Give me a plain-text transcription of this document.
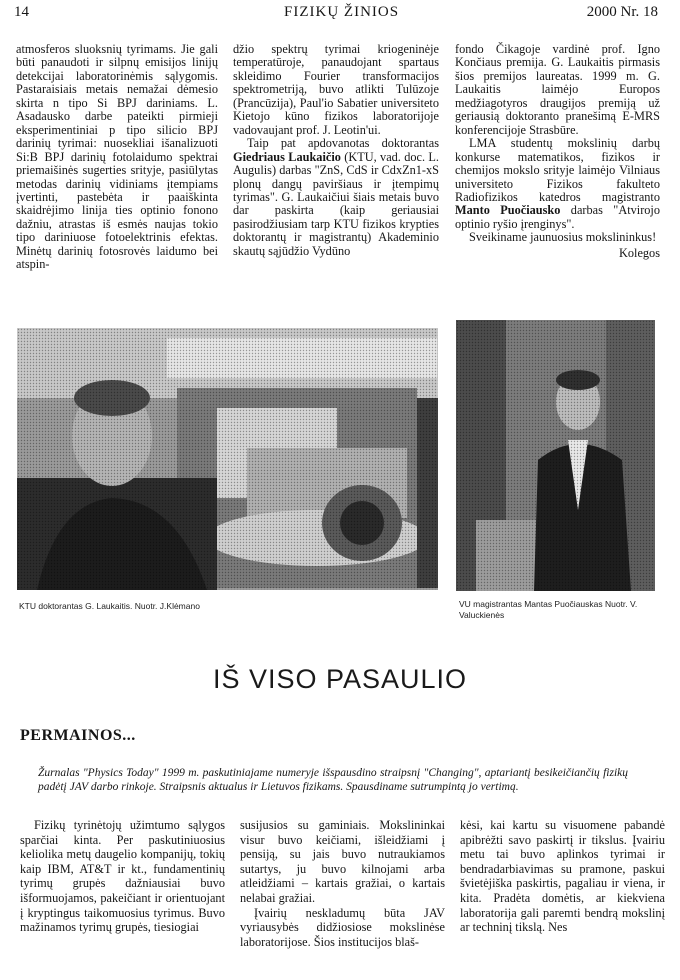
14	FIZIKŲ ŽINIOS	2000 Nr. 18

atmosferos sluoksnių tyrimams. Jie gali būti panaudoti ir silpnų emisijos linijų detekcijai laboratorinėmis sąlygomis. Pastaraisiais metais nemažai dėmesio skirta n tipo Si BPJ dariniams. L. Asadausko darbe pateikti pirmieji eksperimentiniai p tipo silicio BPJ darinių tyrimai: nuosekliai išanalizuoti Si:B BPJ darinių fotolaidumo spektrai priemaišinės sugerties srityje, pasiūlytas metodas darinių vidiniams įtempiams įvertinti, pastebėta ir paaiškinta skaidrėjimo linija ties optinio fonono dažniu, atrastas iš esmės naujas tokio tipo dariniuose fotoelektrinis efektas. Minėtų darinių fotosrovės laidumo bei atspin-

džio spektrų tyrimai kriogeninėje temperatūroje, panaudojant spartaus skleidimo Fourier transformacijos spektrometriją, buvo atlikti Tulūzoje (Prancūzija), Paul'io Sabatier universiteto Kietojo kūno fizikos laboratorijoje vadovaujant prof. J. Leotin'ui.

Taip pat apdovanotas doktorantas Giedriaus Laukaičio (KTU, vad. doc. L. Augulis) darbas "ZnS, CdS ir CdxZn1-xS plonų dangų paviršiaus ir įtempimų tyrimas". G. Laukaičiui šiais metais buvo dar paskirta (kaip geriausiai pasirodžiusiam tarp KTU fizikos krypties doktorantų ir magistrantų) Akademinio skautų sąjūdžio Vydūno

fondo Čikagoje vardinė prof. Igno Končiaus premija. G. Laukaitis pirmasis šios premijos laureatas. 1999 m. G. Laukaitis laimėjo Europos medžiagotyros draugijos premiją už geriausią doktoranto pranešimą E-MRS konferencijoje Strasbūre.

LMA studentų mokslinių darbų konkurse matematikos, fizikos ir chemijos mokslo srityje laimėjo Vilniaus universiteto Fizikos fakulteto Radiofizikos katedros magistranto Manto Puočiausko darbas "Atvirojo optinio ryšio įrenginys".

Sveikiname jaunuosius mokslininkus!

Kolegos

KTU doktorantas G. Laukaitis. Nuotr. J.Klėmano	VU magistrantas Mantas Puočiauskas Nuotr. V. Valuckienės
IŠ VISO PASAULIO
PERMAINOS...
Žurnalas "Physics Today" 1999 m. paskutiniajame numeryje išspausdino straipsnį "Changing", aptariantį besikeičiančių fizikų padėtį JAV darbo rinkoje. Straipsnis aktualus ir Lietuvos fizikams. Spausdiname sutrumpintą jo vertimą.

Fizikų tyrinėtojų užimtumo sąlygos sparčiai kinta. Per paskutiniuosius keliolika metų daugelio kompanijų, tokių kaip IBM, AT&T ir kt., fundamentinių tyrimų grupės dažniausiai buvo išformuojamos, pakeičiant ir orientuojant į kryptingus taikomuosius tyrimus. Buvo mažinamos tyrimų grupės, tiesiogiai

susijusios su gaminiais. Mokslininkai visur buvo keičiami, išleidžiami į pensiją, su jais buvo nutraukiamos sutartys, ju buvo kilnojami arba atleidžiami – kartais gražiai, o kartais nelabai gražiai.

Įvairių neskladumų būta JAV vyriausybės didžiosiose mokslinėse laboratorijose. Šios institucijos blaš-

kėsi, kai kartu su visuomene pabandė apibrėžti savo paskirtį ir tikslus. Įvairiu metu tai buvo aplinkos tyrimai ir bendradarbiavimas su pramone, paskui švietėjiška paskirtis, pagaliau ir viena, ir kita. Pradėta domėtis, ar kiekviena laboratorija gali paremti bendrą mokslinį ar techninį tikslą. Nes
